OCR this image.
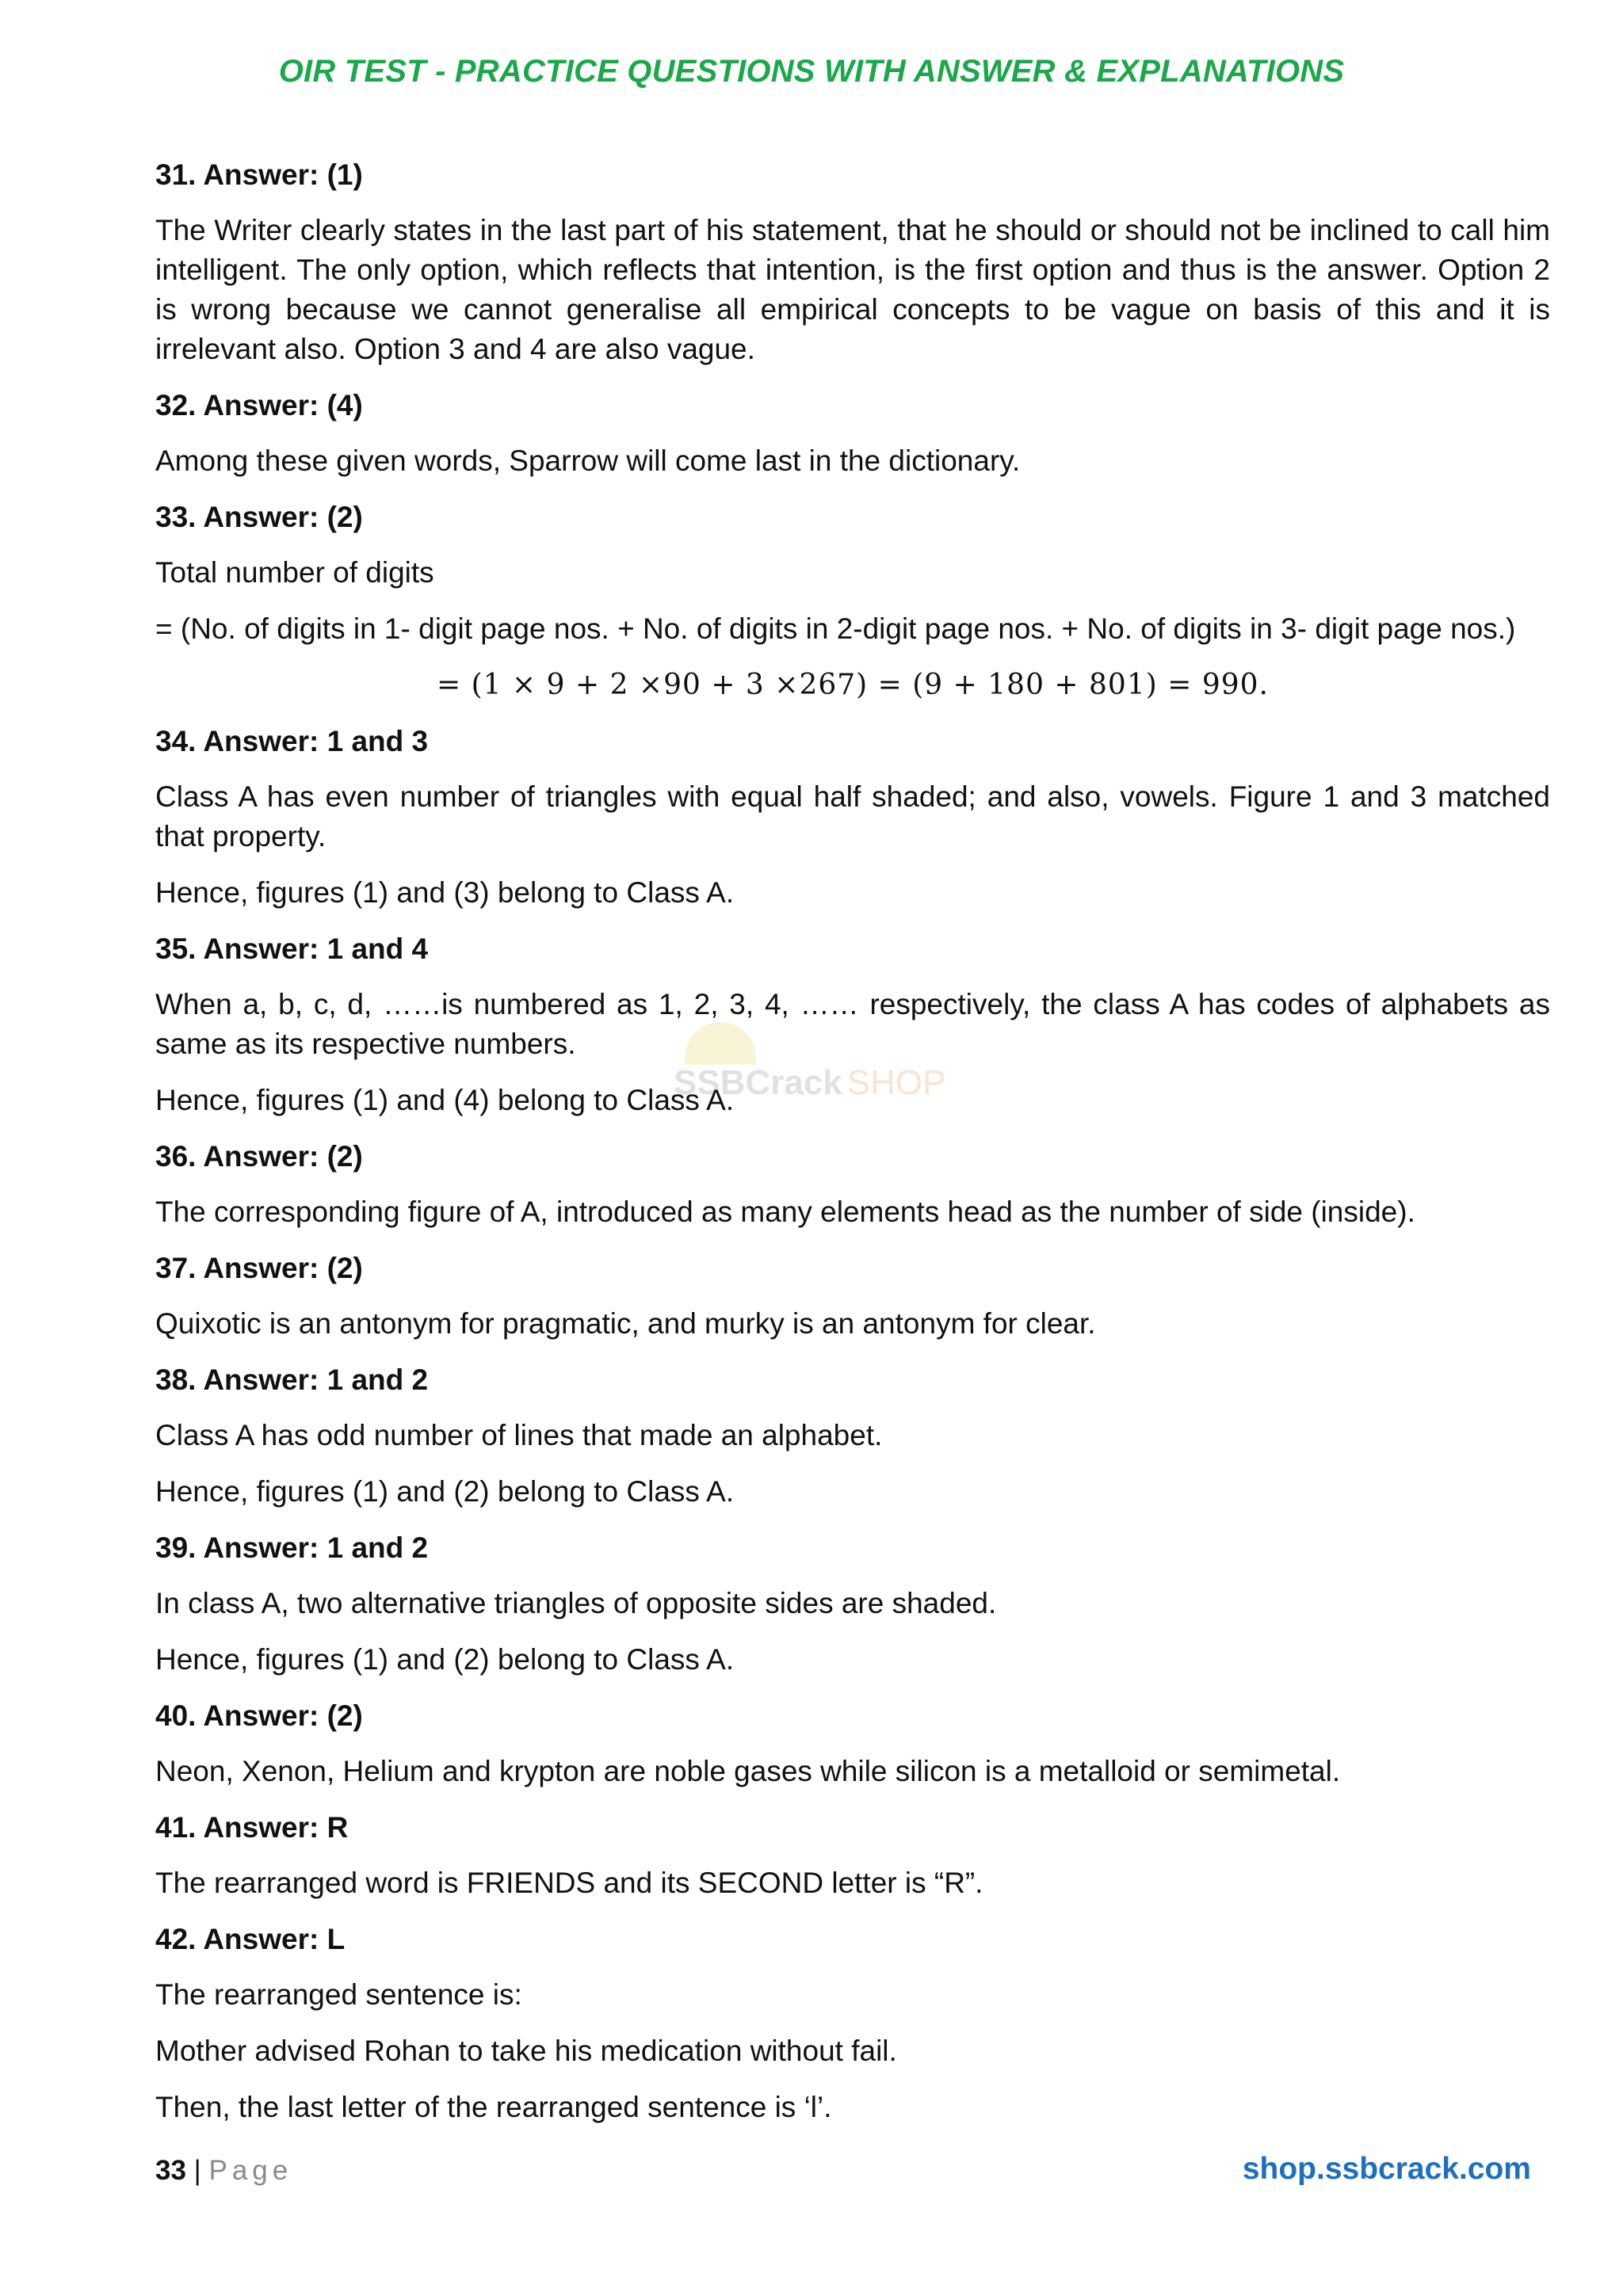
OIR TEST - PRACTICE QUESTIONS WITH ANSWER & EXPLANATIONS
SSBCrack SHOP

31. Answer: (1)

The Writer clearly states in the last part of his statement, that he should or should not be inclined to call him intelligent. The only option, which reflects that intention, is the first option and thus is the answer. Option 2 is wrong because we cannot generalise all empirical concepts to be vague on basis of this and it is irrelevant also. Option 3 and 4 are also vague.

32. Answer: (4)

Among these given words, Sparrow will come last in the dictionary.

33. Answer: (2)

Total number of digits

= (No. of digits in 1- digit page nos. + No. of digits in 2-digit page nos. + No. of digits in 3- digit page nos.)

= (1 × 9 + 2 ×90 + 3 ×267) = (9 + 180 + 801) = 990.

34. Answer: 1 and 3

Class A has even number of triangles with equal half shaded; and also, vowels. Figure 1 and 3 matched that property.

Hence, figures (1) and (3) belong to Class A.

35. Answer: 1 and 4

When a, b, c, d, ……is numbered as 1, 2, 3, 4, …… respectively, the class A has codes of alphabets as same as its respective numbers.

Hence, figures (1) and (4) belong to Class A.

36. Answer: (2)

The corresponding figure of A, introduced as many elements head as the number of side (inside).

37. Answer: (2)

Quixotic is an antonym for pragmatic, and murky is an antonym for clear.

38. Answer: 1 and 2

Class A has odd number of lines that made an alphabet.

Hence, figures (1) and (2) belong to Class A.

39. Answer: 1 and 2

In class A, two alternative triangles of opposite sides are shaded.

Hence, figures (1) and (2) belong to Class A.

40. Answer: (2)

Neon, Xenon, Helium and krypton are noble gases while silicon is a metalloid or semimetal.

41. Answer: R

The rearranged word is FRIENDS and its SECOND letter is “R”.

42. Answer: L

The rearranged sentence is:

Mother advised Rohan to take his medication without fail.

Then, the last letter of the rearranged sentence is ‘l’.

33 | Page	shop.ssbcrack.com
